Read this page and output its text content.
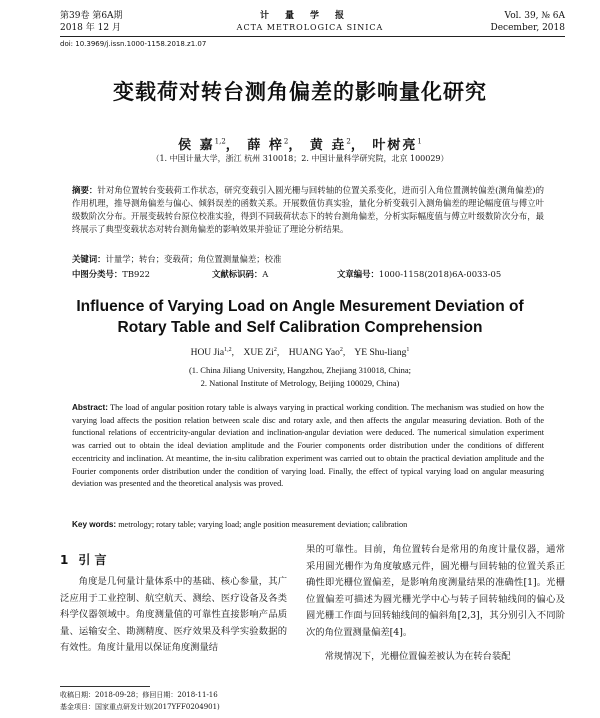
第39卷 第6A期
2018 年 12 月
计量学报
ACTA METROLOGICA SINICA
Vol. 39, № 6A
December, 2018
doi: 10.3969/j.issn.1000-1158.2018.z1.07
变载荷对转台测角偏差的影响量化研究
侯 嘉$^{1,2}$， 薛 梓$^2$， 黄 垚$^2$， 叶树亮$^1$
（1. 中国计量大学，浙江 杭州 310018；2. 中国计量科学研究院，北京 100029）
摘要：针对角位置转台变载荷工作状态，研究变载引入圆光栅与回转轴的位置关系变化，进而引入角位置测转偏差(测角偏差)的作用机理，推导测角偏差与偏心、倾斜误差的函数关系。开展数值仿真实验，量化分析变载引入测角偏差的理论幅度值与傅立叶级数阶次分布。开展变载转台原位校准实验，得到不同载荷状态下的转台测角偏差，分析实际幅度值与傅立叶级数阶次分布，最终展示了典型变载状态对转台测角偏差的影响效果并验证了理论分析结果。
关键词：计量学；转台；变载荷；角位置测量偏差；校准
中图分类号：TB922	文献标识码：A	文章编号：1000-1158(2018)6A-0033-05
Influence of Varying Load on Angle Mesurement Deviation of
Rotary Table and Self Calibration Comprehension
HOU Jia$^{1,2}$,    XUE Zi$^2$,    HUANG Yao$^2$,    YE Shu-liang$^1$
(1. China Jiliang University, Hangzhou, Zhejiang 310018, China;
2. National Institute of Metrology, Beijing 100029, China)
Abstract: The load of angular position rotary table is always varying in practical working condition. The mechanism was studied on how the varying load affects the position relation between scale disc and rotary axle, and then affects the angular measuring deviation. Both of the functional relations of eccentricity-angular deviation and inclination-angular deviation were deduced. The numerical simulation experiment was carried out to obtain the ideal deviation amplitude and the Fourier components order distribution under the conditions of different eccentricity and inclination. At meantime, the in-situ calibration experiment was carried out to obtain the practical deviation amplitude and the Fourier components order distribution under the condition of varying load. Finally, the effect of typical varying load on angular measuring deviation was presented and the theoretical analysis was proved.
Key words: metrology; rotary table; varying load; angle position measurement deviation; calibration
1 引 言

角度是几何量计量体系中的基础、核心参量，其广泛应用于工业控制、航空航天、测绘、医疗设备及各类科学仪器领域中。角度测量值的可靠性直接影响产品质量、运输安全、勘测精度、医疗效果及科学实验数据的有效性。角度计量用以保证角度测量结

果的可靠性。目前，角位置转台是常用的角度计量仪器，通常采用圆光栅作为角度敏感元件，圆光栅与回转轴的位置关系正确性即光栅位置偏差，是影响角度测量结果的准确性[1]。光栅位置偏差可描述为圆光栅光学中心与转子回转轴线间的偏心及圆光栅工作面与回转轴线间的偏斜角[2,3]，其分别引入不同阶次的角位置测量偏差[4]。

常规情况下，光栅位置偏差被认为在转台装配

收稿日期：2018-09-28；修回日期：2018-11-16
基金项目：国家重点研发计划(2017YFF0204901)
